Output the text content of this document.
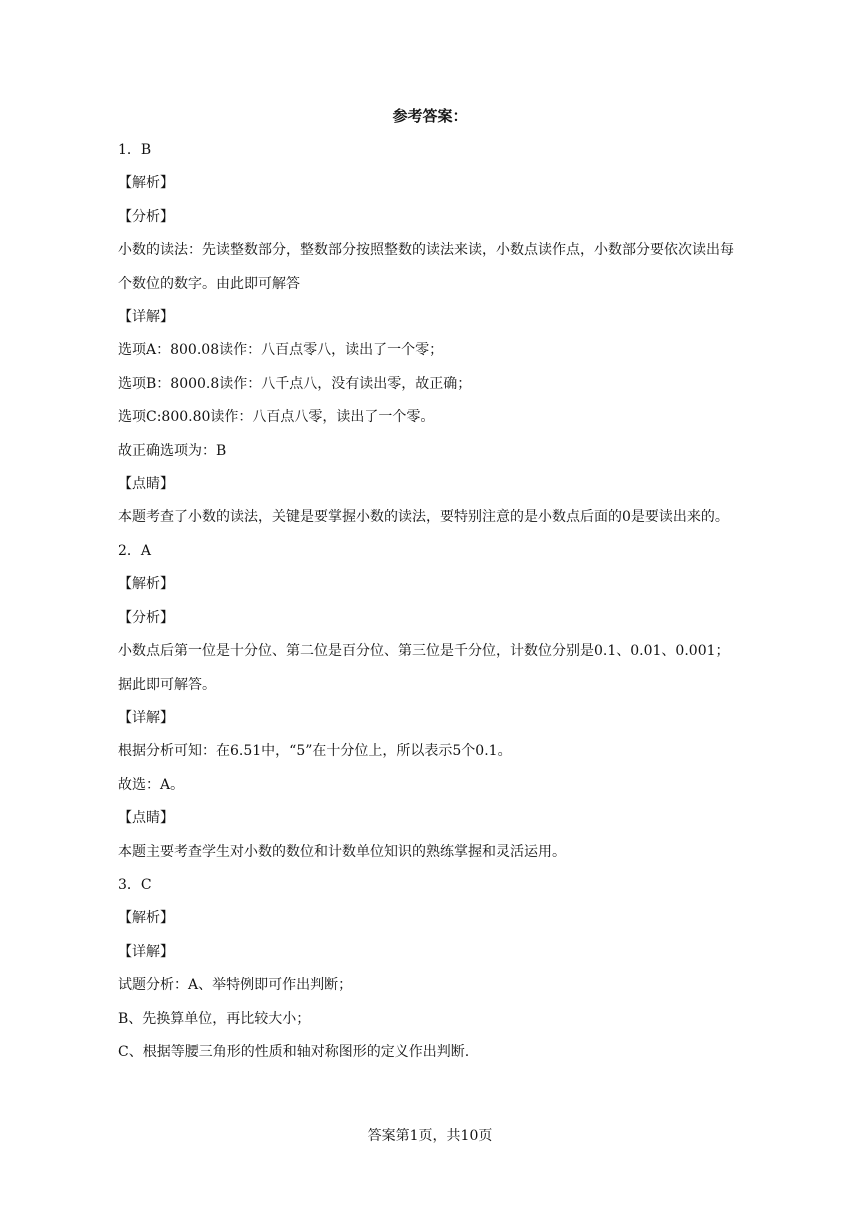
参考答案：
1．B
【解析】
【分析】
小数的读法：先读整数部分，整数部分按照整数的读法来读，小数点读作点，小数部分要依次读出每个数位的数字。由此即可解答
【详解】
选项A：800.08读作：八百点零八，读出了一个零；
选项B：8000.8读作：八千点八，没有读出零，故正确；
选项C:800.80读作：八百点八零，读出了一个零。
故正确选项为：B
【点睛】
本题考查了小数的读法，关键是要掌握小数的读法，要特别注意的是小数点后面的0是要读出来的。
2．A
【解析】
【分析】
小数点后第一位是十分位、第二位是百分位、第三位是千分位，计数位分别是0.1、0.01、0.001；据此即可解答。
【详解】
根据分析可知：在6.51中，“5”在十分位上，所以表示5个0.1。
故选：A。
【点睛】
本题主要考查学生对小数的数位和计数单位知识的熟练掌握和灵活运用。
3．C
【解析】
【详解】
试题分析：A、举特例即可作出判断；
B、先换算单位，再比较大小；
C、根据等腰三角形的性质和轴对称图形的定义作出判断.
答案第1页，共10页
